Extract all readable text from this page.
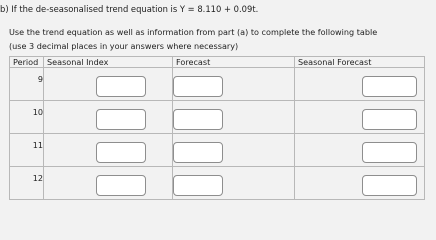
b) If the de-seasonalised trend equation is Y = 8.110 + 0.09t.
Use the trend equation as well as information from part (a) to complete the following table
(use 3 decimal places in your answers where necessary)
Period	Seasonal Index	Forecast	Seasonal Forecast
9	

10	

11	

12	
